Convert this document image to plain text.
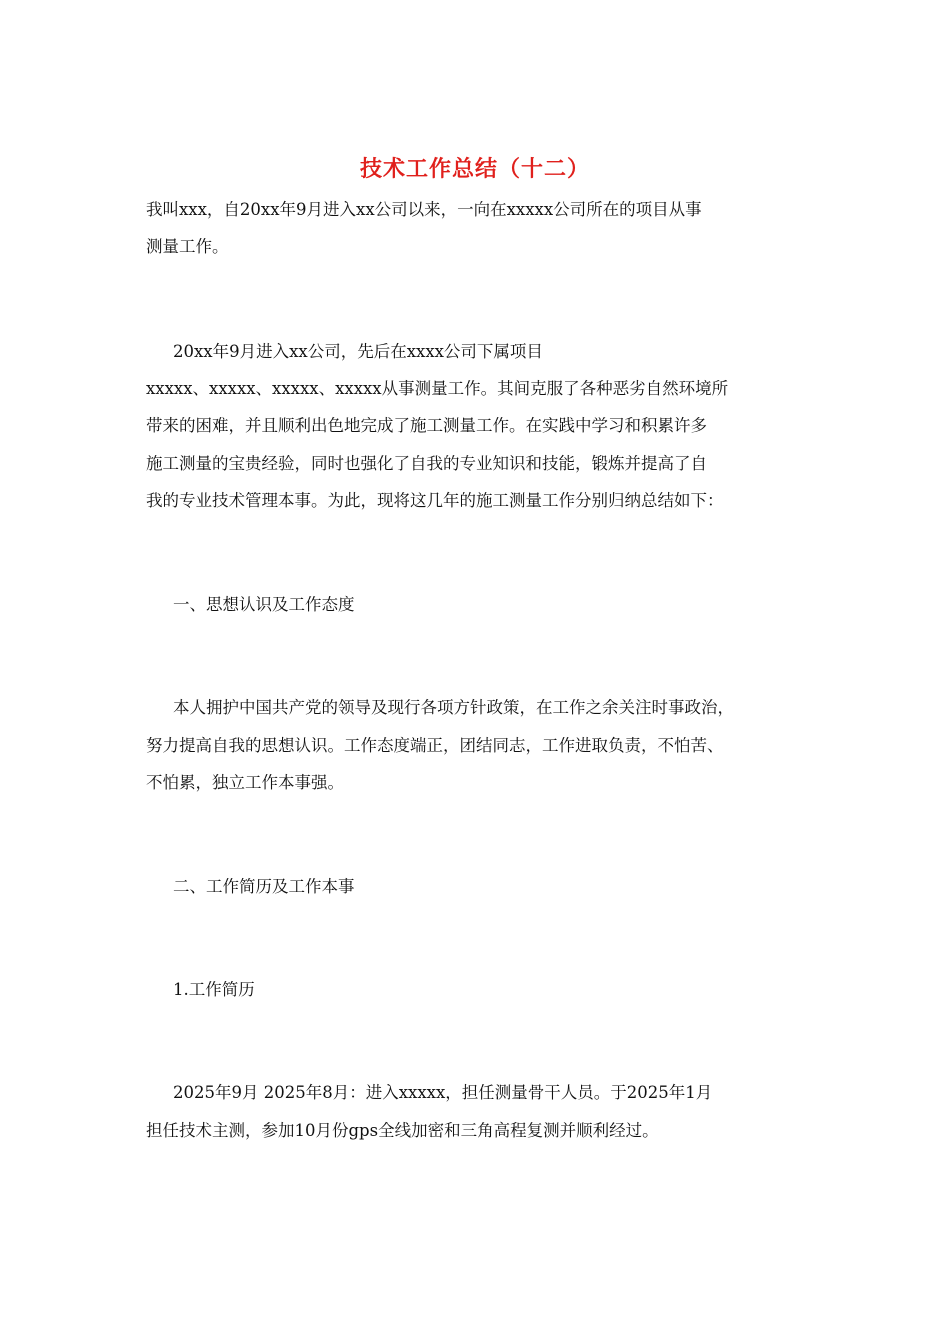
技术工作总结（十二）

我叫xxx，自20xx年9月进入xx公司以来，一向在xxxxx公司所在的项目从事

测量工作。

20xx年9月进入xx公司，先后在xxxx公司下属项目

xxxxx、xxxxx、xxxxx、xxxxx从事测量工作。其间克服了各种恶劣自然环境所

带来的困难，并且顺利出色地完成了施工测量工作。在实践中学习和积累许多

施工测量的宝贵经验，同时也强化了自我的专业知识和技能，锻炼并提高了自

我的专业技术管理本事。为此，现将这几年的施工测量工作分别归纳总结如下：

一、思想认识及工作态度

本人拥护中国共产党的领导及现行各项方针政策，在工作之余关注时事政治，

努力提高自我的思想认识。工作态度端正，团结同志，工作进取负责，不怕苦、

不怕累，独立工作本事强。

二、工作简历及工作本事

1.工作简历

2025年9月 2025年8月：进入xxxxx，担任测量骨干人员。于2025年1月

担任技术主测，参加10月份gps全线加密和三角高程复测并顺利经过。
